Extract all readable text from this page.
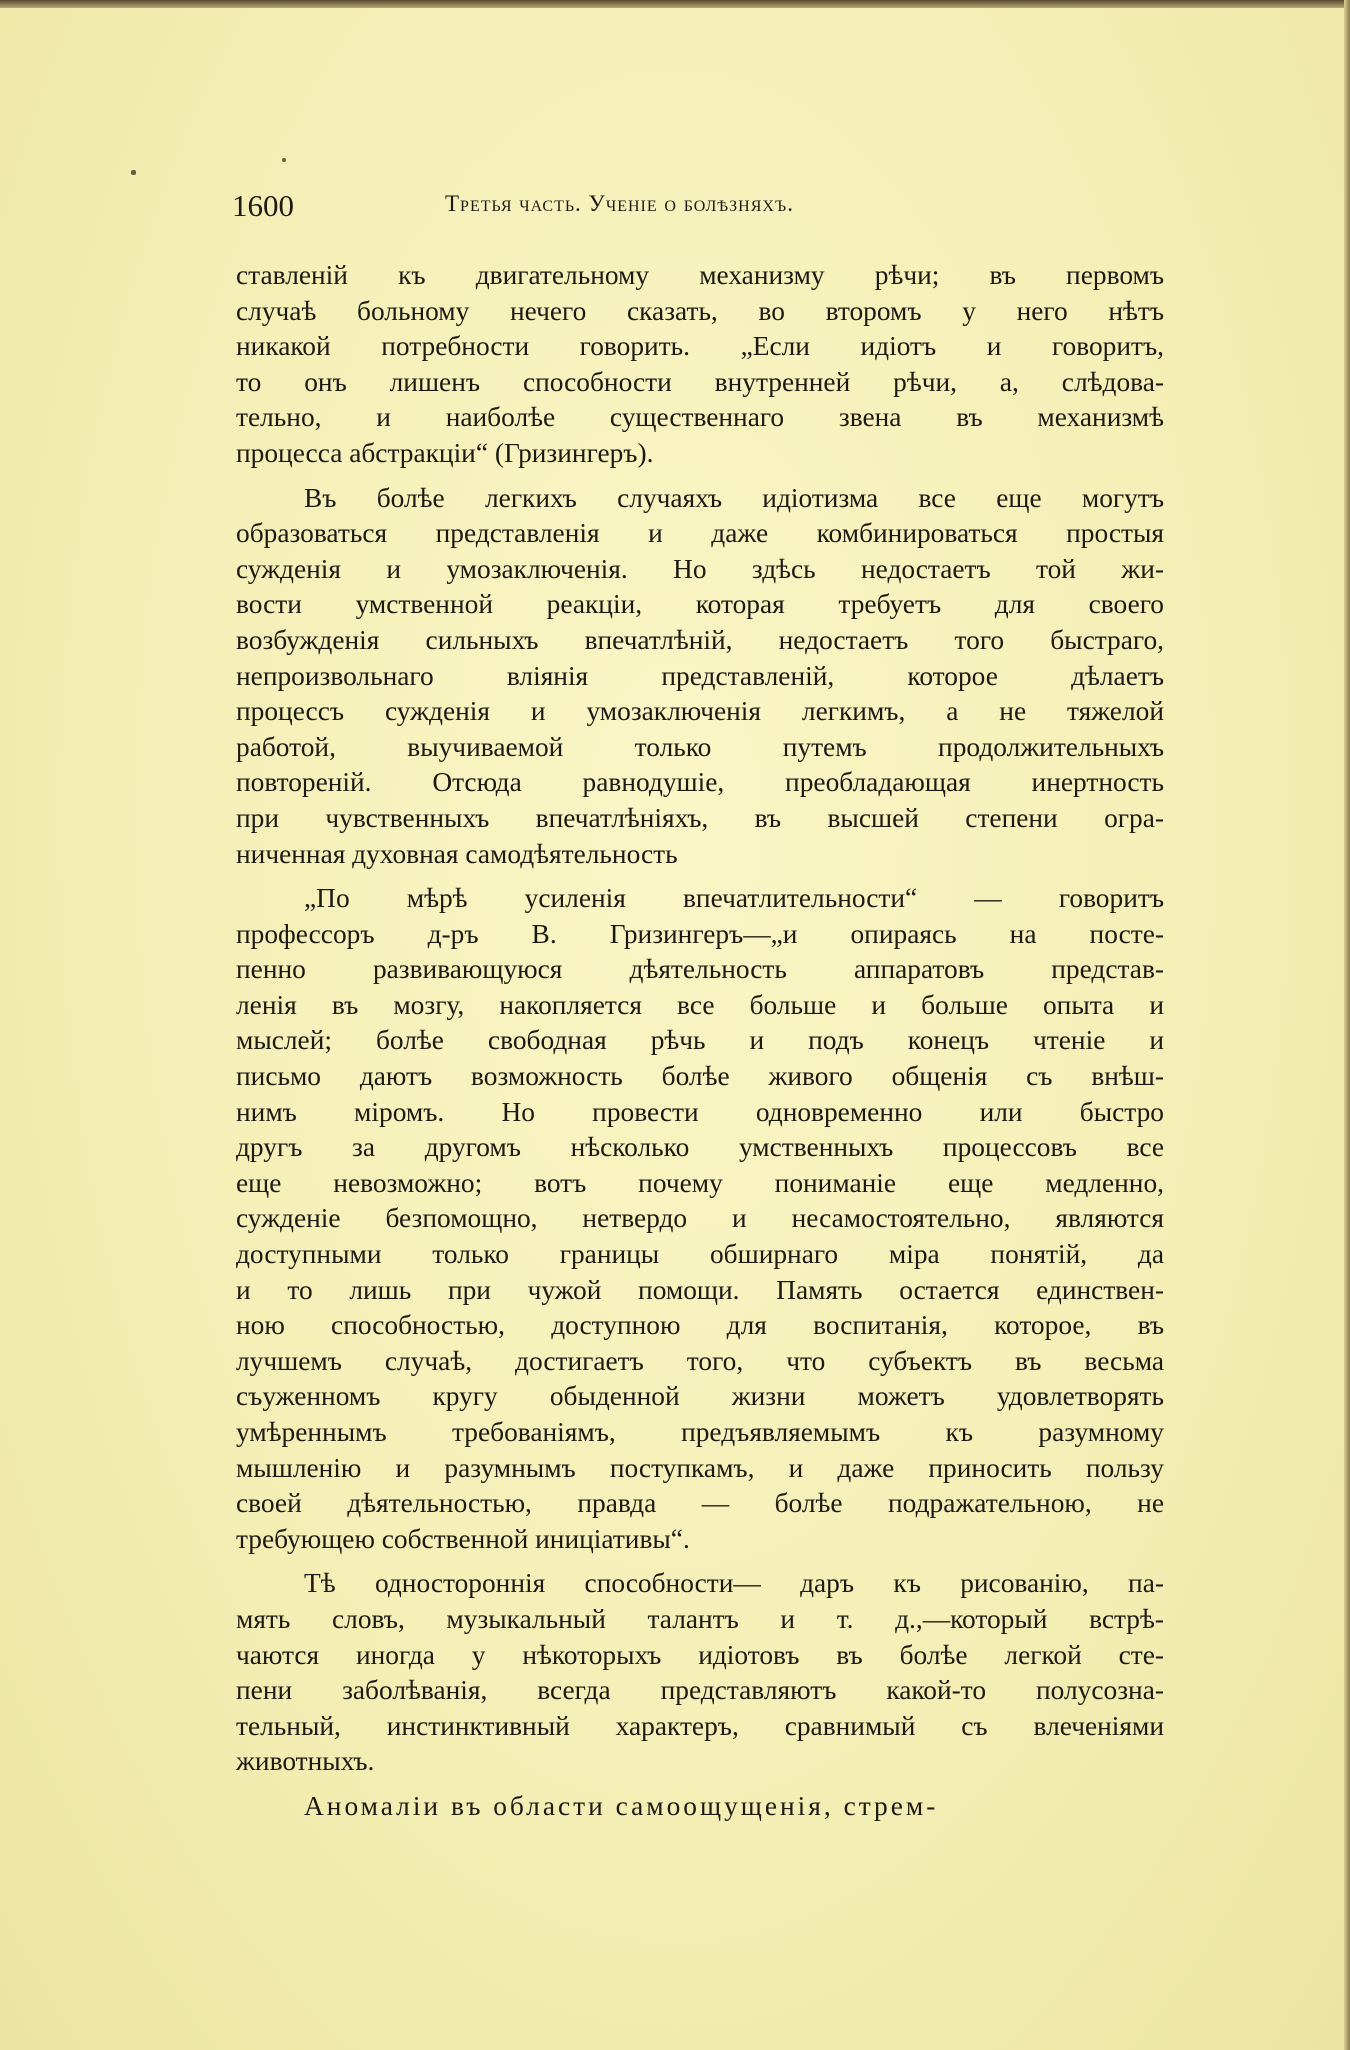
1600	Третья часть. Ученіе о болѣзняхъ.
ставленій къ двигательному механизму рѣчи; въ первомъ
случаѣ больному нечего сказать, во второмъ у него нѣтъ
никакой потребности говорить. „Если идіотъ и говоритъ,
то онъ лишенъ способности внутренней рѣчи, а, слѣдова-
тельно, и наиболѣе существеннаго звена въ механизмѣ
процесса абстракціи“ (Гризингеръ).
Въ болѣе легкихъ случаяхъ идіотизма все еще могутъ
образоваться представленія и даже комбинироваться простыя
сужденія и умозаключенія. Но здѣсь недостаетъ той жи-
вости умственной реакціи, которая требуетъ для своего
возбужденія сильныхъ впечатлѣній, недостаетъ того быстраго,
непроизвольнаго вліянія представленій, которое дѣлаетъ
процессъ сужденія и умозаключенія легкимъ, а не тяжелой
работой, выучиваемой только путемъ продолжительныхъ
повтореній. Отсюда равнодушіе, преобладающая инертность
при чувственныхъ впечатлѣніяхъ, въ высшей степени огра-
ниченная духовная самодѣятельность
„По мѣрѣ усиленія впечатлительности“ — говоритъ
профессоръ д-ръ В. Гризингеръ—„и опираясь на посте-
пенно развивающуюся дѣятельность аппаратовъ представ-
ленія въ мозгу, накопляется все больше и больше опыта и
мыслей; болѣе свободная рѣчь и подъ конецъ чтеніе и
письмо даютъ возможность болѣе живого общенія съ внѣш-
нимъ міромъ. Но провести одновременно или быстро
другъ за другомъ нѣсколько умственныхъ процессовъ все
еще невозможно; вотъ почему пониманіе еще медленно,
сужденіе безпомощно, нетвердо и несамостоятельно, являются
доступными только границы обширнаго міра понятій, да
и то лишь при чужой помощи. Память остается единствен-
ною способностью, доступною для воспитанія, которое, въ
лучшемъ случаѣ, достигаетъ того, что субъектъ въ весьма
съуженномъ кругу обыденной жизни можетъ удовлетворять
умѣреннымъ требованіямъ, предъявляемымъ къ разумному
мышленію и разумнымъ поступкамъ, и даже приносить пользу
своей дѣятельностью, правда — болѣе подражательною, не
требующею собственной иниціативы“.
Тѣ одностороннія способности— даръ къ рисованію, па-
мять словъ, музыкальный талантъ и т. д.,—который встрѣ-
чаются иногда у нѣкоторыхъ идіотовъ въ болѣе легкой сте-
пени заболѣванія, всегда представляютъ какой-то полусозна-
тельный, инстинктивный характеръ, сравнимый съ влеченіями
животныхъ.
Аномаліи въ области самоощущенія, стрем-
